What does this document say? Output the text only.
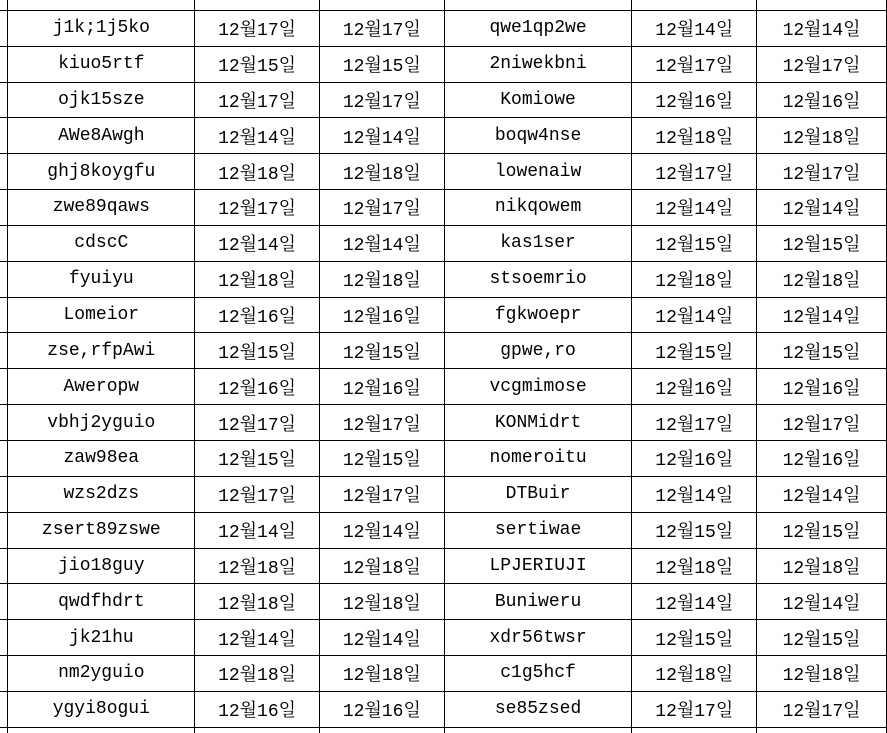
	j1k;1j5ko	12월17일	12월17일	qwe1qp2we	12월14일	12월14일
	kiuo5rtf	12월15일	12월15일	2niwekbni	12월17일	12월17일
	ojk15sze	12월17일	12월17일	Komiowe	12월16일	12월16일
	AWe8Awgh	12월14일	12월14일	boqw4nse	12월18일	12월18일
	ghj8koygfu	12월18일	12월18일	lowenaiw	12월17일	12월17일
	zwe89qaws	12월17일	12월17일	nikqowem	12월14일	12월14일
	cdscC	12월14일	12월14일	kas1ser	12월15일	12월15일
	fyuiyu	12월18일	12월18일	stsoemrio	12월18일	12월18일
	Lomeior	12월16일	12월16일	fgkwoepr	12월14일	12월14일
	zse,rfpAwi	12월15일	12월15일	gpwe,ro	12월15일	12월15일
	Aweropw	12월16일	12월16일	vcgmimose	12월16일	12월16일
	vbhj2yguio	12월17일	12월17일	KONMidrt	12월17일	12월17일
	zaw98ea	12월15일	12월15일	nomeroitu	12월16일	12월16일
	wzs2dzs	12월17일	12월17일	DTBuir	12월14일	12월14일
	zsert89zswe	12월14일	12월14일	sertiwae	12월15일	12월15일
	jio18guy	12월18일	12월18일	LPJERIUJI	12월18일	12월18일
	qwdfhdrt	12월18일	12월18일	Buniweru	12월14일	12월14일
	jk21hu	12월14일	12월14일	xdr56twsr	12월15일	12월15일
	nm2yguio	12월18일	12월18일	c1g5hcf	12월18일	12월18일
	ygyi8ogui	12월16일	12월16일	se85zsed	12월17일	12월17일
